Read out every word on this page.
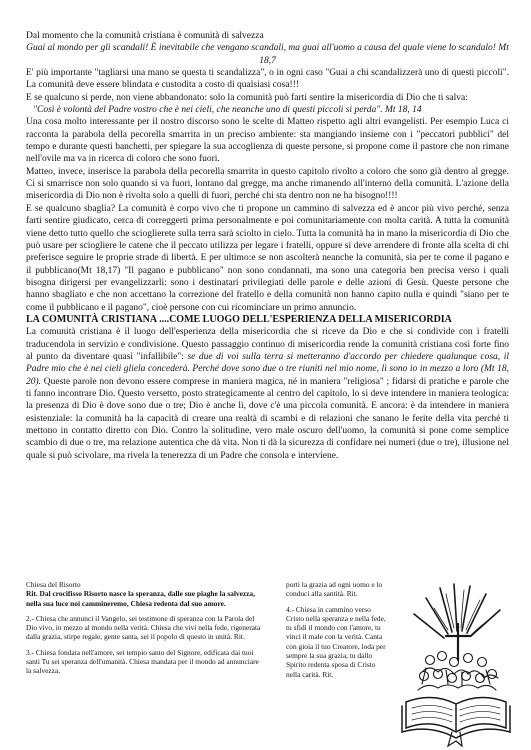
Dal momento che la comunità cristiana è comunità di salvezza

Guai al mondo per gli scandali! È inevitabile che vengano scandali, ma guai all'uomo a causa del quale viene lo scandalo! Mt 18,7

E' più importante "tagliarsi una mano se questa ti scandalizza", o in ogni caso "Guai a chi scandalizzerà uno di questi piccoli". La comunità deve essere blindata e custodita a costo di qualsiasi cosa!!!

E se qualcuno si perde, non viene abbandonato: solo la comunità può farti sentire la misericordia di Dio che ti salva:

"Così è volontà del Padre vostro che è nei cieli, che neanche uno di questi piccoli si perda". Mt 18, 14

Una cosa molto interessante per il nostro discorso sono le scelte di Matteo rispetto agli altri evangelisti. Per esempio Luca ci racconta la parabola della pecorella smarrita in un preciso ambiente: sta mangiando insieme con i "peccatori pubblici" del tempo e durante questi banchetti, per spiegare la sua accoglienza di queste persone, si propone come il pastore che non rimane nell'ovile ma va in ricerca di coloro che sono fuori.

Matteo, invece, inserisce la parabola della pecorella smarrita in questo capitolo rivolto a coloro che sono già dentro al gregge. Ci si smarrisce non solo quando si va fuori, lontano dal gregge, ma anche rimanendo all'interno della comunità. L'azione della misericordia di Dio non è rivolta solo a quelli di fuori, perché chi sta dentro non ne ha bisogno!!!!

E se qualcuno sbaglia? La comunità è corpo vivo che ti propone un cammino di salvezza ed è ancor più vivo perché, senza farti sentire giudicato, cerca di correggerti prima personalmente e poi comunitariamente con molta carità. A tutta la comunità viene detto tutto quello che scioglierete sulla terra sarà sciolto in cielo. Tutta la comunità ha in mano la misericordia di Dio che può usare per sciogliere le catene che il peccato utilizza per legare i fratelli, oppure si deve arrendere di fronte alla scelta di chi preferisce seguire le proprie strade di libertà. E per ultimo:e se non ascolterà neanche la comunità, sia per te come il pagano e il pubblicano(Mt 18,17) "Il pagano e pubblicano" non sono condannati, ma sono una categoria ben precisa verso i quali bisogna dirigersi per evangelizzarli: sono i destinatari privilegiati delle parole e delle azioni di Gesù. Queste persone che hanno sbagliato e che non accettano la correzione del fratello e della comunità non hanno capito nulla e quindi "siano per te come il pubblicano e il pagano", cioè persone con cui ricominciare un primo annuncio.

LA COMUNITÀ CRISTIANA ....COME LUOGO DELL'ESPERIENZA DELLA MISERICORDIA

La comunità cristiana è il luogo dell'esperienza della misericordia che si riceve da Dio e che si condivide con i fratelli traducendola in servizio e condivisione. Questo passaggio continuo di misericordia rende la comunità cristiana così forte fino al punto da diventare quasi "infallibile": se due di voi sulla terra si metteranno d'accordo per chiedere qualunque cosa, il Padre mio che è nei cieli gliela concederà. Perché dove sono due o tre riuniti nel mio nome, lì sono io in mezzo a loro (Mt 18, 20). Queste parole non devono essere comprese in maniera magica, né in maniera "religiosa" ; fidarsi di pratiche e parole che ti fanno incontrare Dio. Questo versetto, posto strategicamente al centro del capitolo, lo si deve intendere in maniera teologica: la presenza di Dio è dove sono due o tre; Dio è anche lì, dove c'è una piccola comunità. E ancora: è da intendere in maniera esistenziale: la comunità ha la capacità di creare una realtà di scambi e di relazioni che sanano le ferite della vita perché ti mettono in contatto diretto con Dio. Contro la solitudine, vero male oscuro dell'uomo, la comunità si pone come semplice scambio di due o tre, ma relazione autentica che dà vita. Non ti dà la sicurezza di confidare nei numeri (due o tre), illusione nel quale si può scivolare, ma rivela la tenerezza di un Padre che consola e interviene.

Chiesa del Risorto

Rit. Dal crocifisso Risorto nasce la speranza, dalle sue piaghe la salvezza, nella sua luce noi cammineremo, Chiesa redenta dal suo amore.

2.- Chiesa che annunci il Vangelo, sei testimone di speranza con la Parola del Dio vivo, in mezzo al mondo nella verità. Chiesa che vivi nella fede, rigenerata dalla grazia, stirpe regale, gente santa, sei il popolo di questo in unità. Rit.

3.- Chiesa fondata nell'amore, sei tempio santo del Signore, edificata dai tuoi santi Tu sei speranza dell'umanità. Chiesa mandata per il mondo ad annunciare la salvezza,

porti la grazia ad ogni uomo e lo conduci alla santità. Rit.

4.- Chiesa in cammino verso Cristo nella speranza e nella fede, tu sfidi il mondo con l'amore, tu vinci il male con la verità. Canta con gioia il tuo Creatore, loda per sempre la sua grazia, tu dallo Spirito redenta sposa di Cristo nella carità. Rit.
